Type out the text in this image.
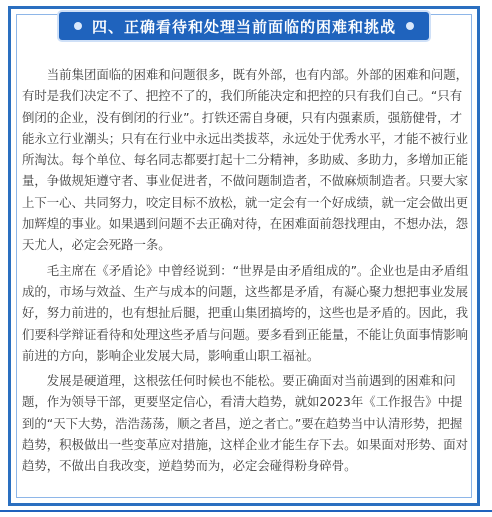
四、正确看待和处理当前面临的困难和挑战

当前集团面临的困难和问题很多，既有外部，也有内部。外部的困难和问题，有时是我们决定不了、把控不了的，我们所能决定和把控的只有我们自己。“只有倒闭的企业，没有倒闭的行业”。打铁还需自身硬，只有内强素质，强筋健骨，才能永立行业潮头；只有在行业中永远出类拔萃，永远处于优秀水平，才能不被行业所淘汰。每个单位、每名同志都要打起十二分精神，多助威、多助力，多增加正能量，争做规矩遵守者、事业促进者，不做问题制造者，不做麻烦制造者。只要大家上下一心、共同努力，咬定目标不放松，就一定会有一个好成绩，就一定会做出更加辉煌的事业。如果遇到问题不去正确对待，在困难面前怨找理由，不想办法，怨天尤人，必定会死路一条。

毛主席在《矛盾论》中曾经说到：“世界是由矛盾组成的”。企业也是由矛盾组成的，市场与效益、生产与成本的问题，这些都是矛盾，有凝心聚力想把事业发展好，努力前进的，也有想扯后腿，把重山集团搞垮的，这些也是矛盾的。因此，我们要科学辩证看待和处理这些矛盾与问题。要多看到正能量，不能让负面事情影响前进的方向，影响企业发展大局，影响重山职工福祉。

发展是硬道理，这根弦任何时候也不能松。要正确面对当前遇到的困难和问题，作为领导干部，更要坚定信心，看清大趋势，就如2023年《工作报告》中提到的“天下大势，浩浩荡荡，顺之者昌，逆之者亡。”要在趋势当中认清形势，把握趋势，积极做出一些变革应对措施，这样企业才能生存下去。如果面对形势、面对趋势，不做出自我改变，逆趋势而为，必定会碰得粉身碎骨。
